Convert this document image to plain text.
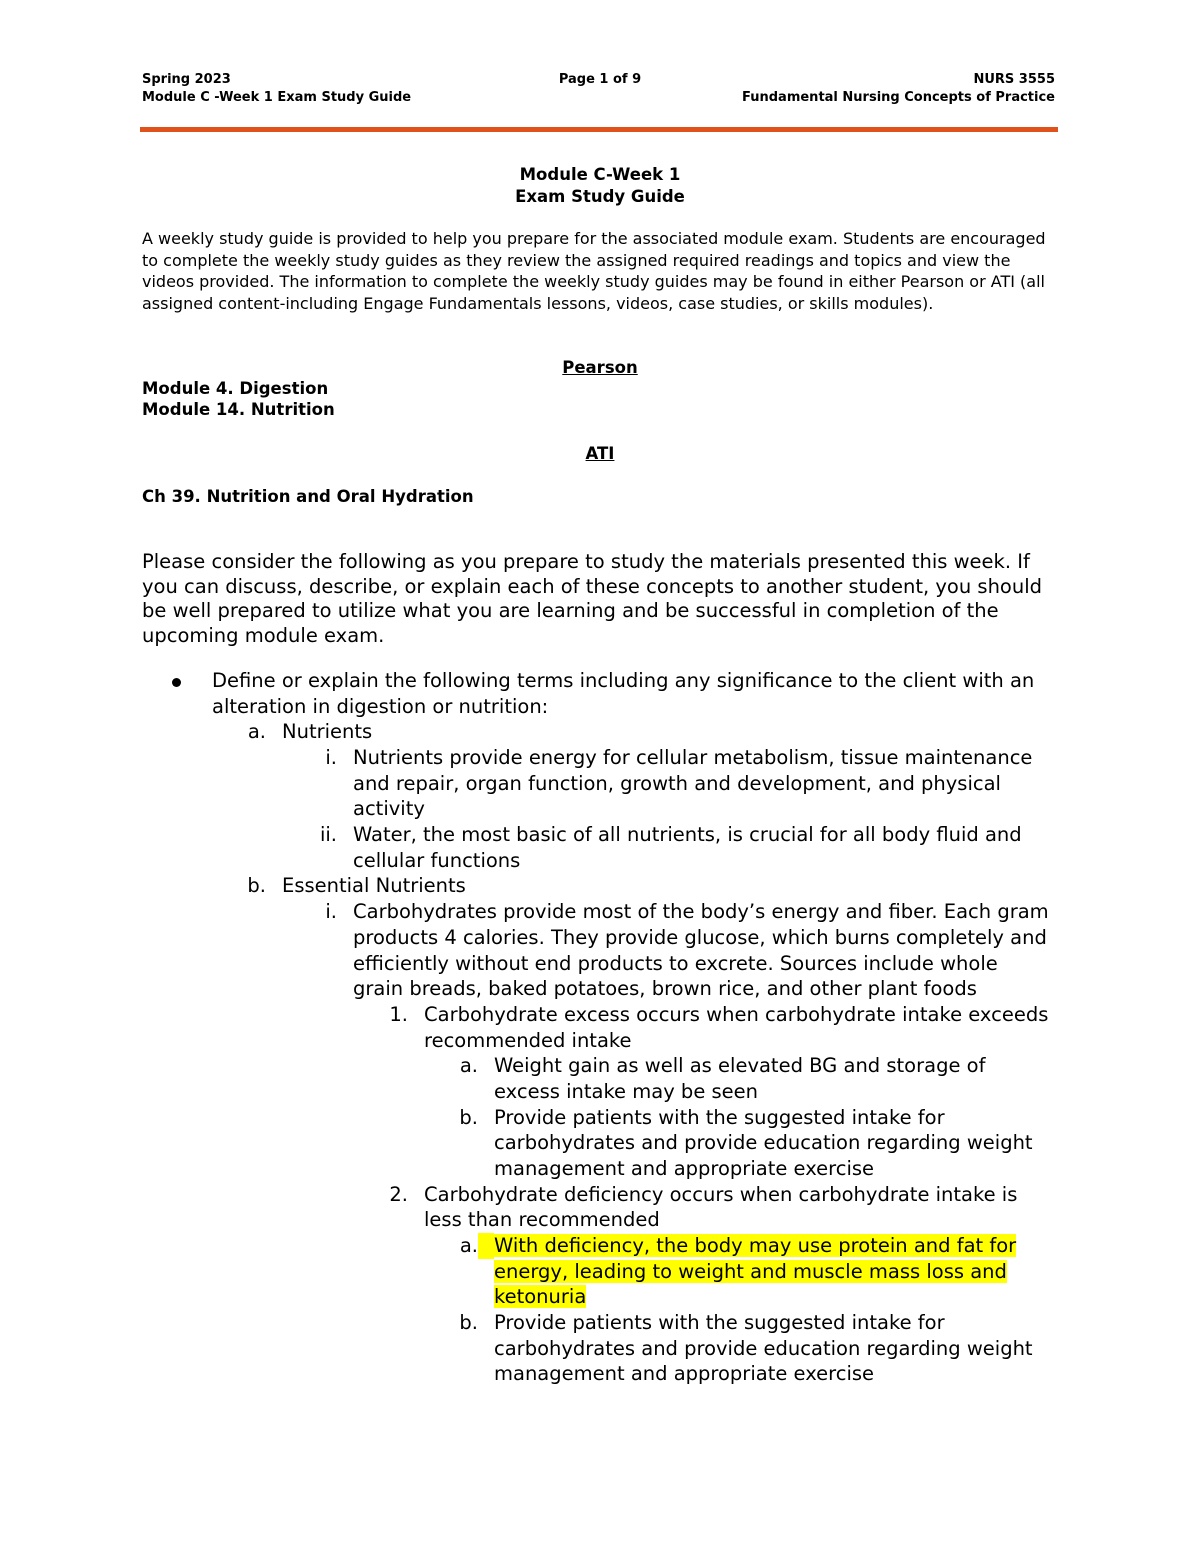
Spring 2023
Module C -Week 1 Exam Study Guide
Page 1 of 9	NURS 3555
Fundamental Nursing Concepts of Practice
Module C-Week 1
Exam Study Guide
A weekly study guide is provided to help you prepare for the associated module exam. Students are encouraged to complete the weekly study guides as they review the assigned required readings and topics and view the videos provided. The information to complete the weekly study guides may be found in either Pearson or ATI (all assigned content-including Engage Fundamentals lessons, videos, case studies, or skills modules).
Pearson
Module 4. Digestion
Module 14. Nutrition
ATI
Ch 39. Nutrition and Oral Hydration
Please consider the following as you prepare to study the materials presented this week. If you can discuss, describe, or explain each of these concepts to another student, you should be well prepared to utilize what you are learning and be successful in completion of the upcoming module exam.
Define or explain the following terms including any significance to the client with an
alteration in digestion or nutrition:
a. Nutrients
i. Nutrients provide energy for cellular metabolism, tissue maintenance
and repair, organ function, growth and development, and physical
activity
ii. Water, the most basic of all nutrients, is crucial for all body fluid and
cellular functions
b. Essential Nutrients
i. Carbohydrates provide most of the body’s energy and fiber. Each gram
products 4 calories. They provide glucose, which burns completely and
efficiently without end products to excrete. Sources include whole
grain breads, baked potatoes, brown rice, and other plant foods
1. Carbohydrate excess occurs when carbohydrate intake exceeds
recommended intake
a. Weight gain as well as elevated BG and storage of
excess intake may be seen
b. Provide patients with the suggested intake for
carbohydrates and provide education regarding weight
management and appropriate exercise
2. Carbohydrate deficiency occurs when carbohydrate intake is
less than recommended
a. With deficiency, the body may use protein and fat for
energy, leading to weight and muscle mass loss and
ketonuria
b. Provide patients with the suggested intake for
carbohydrates and provide education regarding weight
management and appropriate exercise
